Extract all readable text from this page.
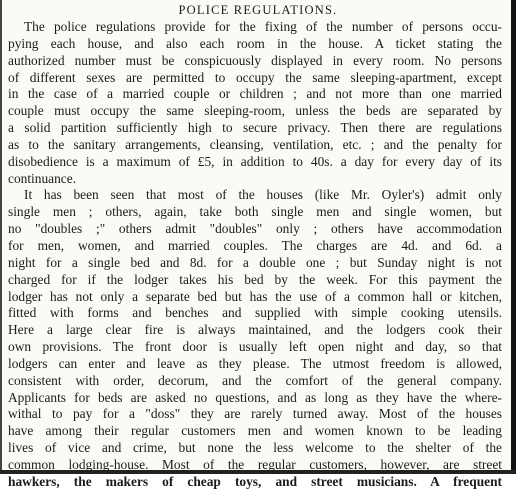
POLICE REGULATIONS.
The police regulations provide for the fixing of the number of persons occu-
pying each house, and also each room in the house. A ticket stating the
authorized number must be conspicuously displayed in every room. No persons
of different sexes are permitted to occupy the same sleeping-apartment, except
in the case of a married couple or children ; and not more than one married
couple must occupy the same sleeping-room, unless the beds are separated by
a solid partition sufficiently high to secure privacy. Then there are regulations
as to the sanitary arrangements, cleansing, ventilation, etc. ; and the penalty for
disobedience is a maximum of £5, in addition to 40s. a day for every day of its
continuance.
It has been seen that most of the houses (like Mr. Oyler's) admit only
single men ; others, again, take both single men and single women, but
no "doubles ;" others admit "doubles" only ; others have accommodation
for men, women, and married couples. The charges are 4d. and 6d. a
night for a single bed and 8d. for a double one ; but Sunday night is not
charged for if the lodger takes his bed by the week. For this payment the
lodger has not only a separate bed but has the use of a common hall or kitchen,
fitted with forms and benches and supplied with simple cooking utensils.
Here a large clear fire is always maintained, and the lodgers cook their
own provisions. The front door is usually left open night and day, so that
lodgers can enter and leave as they please. The utmost freedom is allowed,
consistent with order, decorum, and the comfort of the general company.
Applicants for beds are asked no questions, and as long as they have the where-
withal to pay for a "doss" they are rarely turned away. Most of the houses
have among their regular customers men and women known to be leading
lives of vice and crime, but none the less welcome to the shelter of the
common lodging-house. Most of the regular customers, however, are street
hawkers, the makers of cheap toys, and street musicians. A frequent
